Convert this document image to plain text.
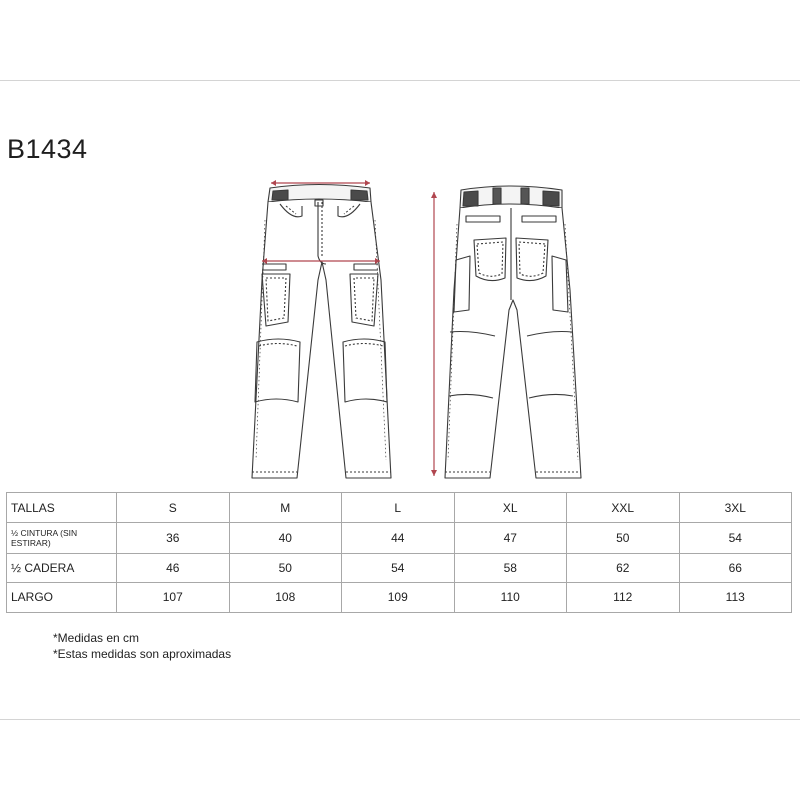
B1434
TALLAS	S	M	L	XL	XXL	3XL
½ CINTURA (SIN ESTIRAR)	36	40	44	47	50	54
½ CADERA	46	50	54	58	62	66
LARGO	107	108	109	110	112	113
*Medidas en cm
*Estas medidas son aproximadas
